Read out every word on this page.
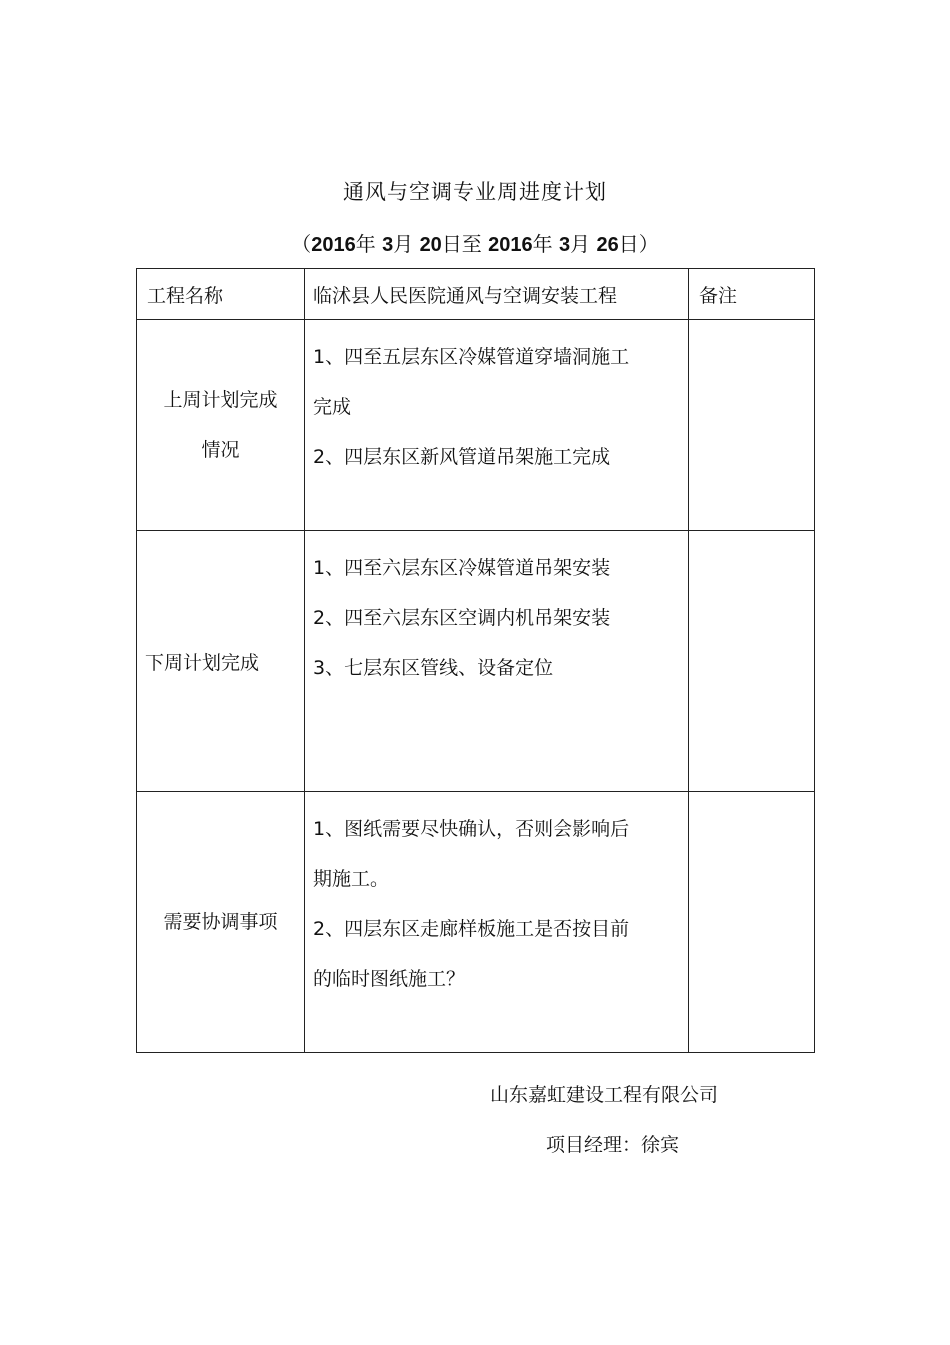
通风与空调专业周进度计划
（2016年 3月 20日至 2016年 3月 26日）
工程名称	临沭县人民医院通风与空调安装工程	备注

上周计划完成
情况	1、四至五层东区冷媒管道穿墙洞施工
完成
2、四层东区新风管道吊架施工完成	

下周计划完成	1、四至六层东区冷媒管道吊架安装
2、四至六层东区空调内机吊架安装
3、七层东区管线、设备定位	

需要协调事项	1、图纸需要尽快确认，否则会影响后
期施工。
2、四层东区走廊样板施工是否按目前
的临时图纸施工？	

山东嘉虹建设工程有限公司
项目经理：徐宾
